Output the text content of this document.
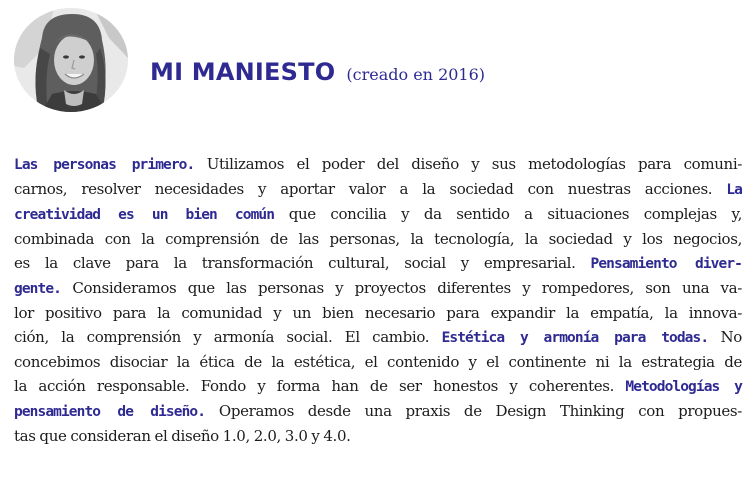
MI MANIESTO (creado en 2016)
Las personas primero. Utilizamos el poder del diseño y sus metodologías para comuni-
carnos, resolver necesidades y aportar valor a la sociedad con nuestras acciones. La
creatividad es un bien común que concilia y da sentido a situaciones complejas y,
combinada con la comprensión de las personas, la tecnología, la sociedad y los negocios,
es la clave para la transformación cultural, social y empresarial. Pensamiento diver-
gente. Consideramos que las personas y proyectos diferentes y rompedores, son una va-
lor positivo para la comunidad y un bien necesario para expandir la empatía, la innova-
ción, la comprensión y armonía social. El cambio. Estética y armonía para todas. No
concebimos disociar la ética de la estética, el contenido y el continente ni la estrategia de
la acción responsable. Fondo y forma han de ser honestos y coherentes. Metodologías y
pensamiento de diseño. Operamos desde una praxis de Design Thinking con propues-
tas que consideran el diseño 1.0, 2.0, 3.0 y 4.0.
